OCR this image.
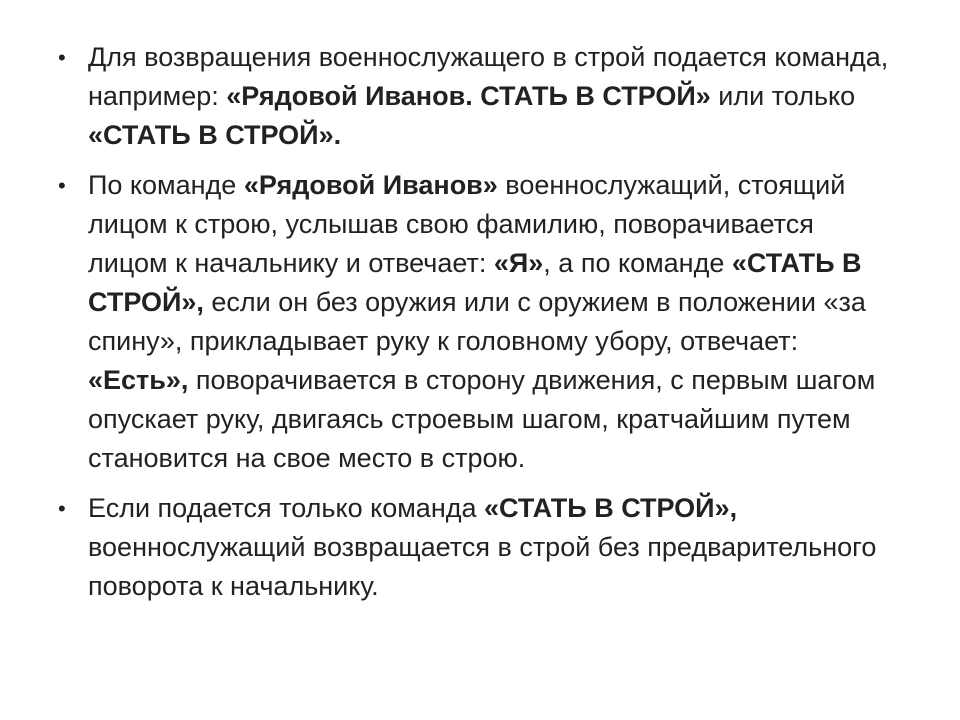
• Для возвращения военнослужащего в строй подается команда, например: «Рядовой Иванов. СТАТЬ В СТРОЙ» или только «СТАТЬ В СТРОЙ».
• По команде «Рядовой Иванов» военнослужащий, стоящий лицом к строю, услышав свою фамилию, поворачивается лицом к начальнику и отвечает: «Я», а по команде «СТАТЬ В СТРОЙ», если он без оружия или с оружием в положении «за спину», прикладывает руку к головному убору, отвечает: «Есть», поворачивается в сторону движения, с первым шагом опускает руку, двигаясь строевым шагом, кратчайшим путем становится на свое место в строю.
• Если подается только команда «СТАТЬ В СТРОЙ», военнослужащий возвращается в строй без предварительного поворота к начальнику.
